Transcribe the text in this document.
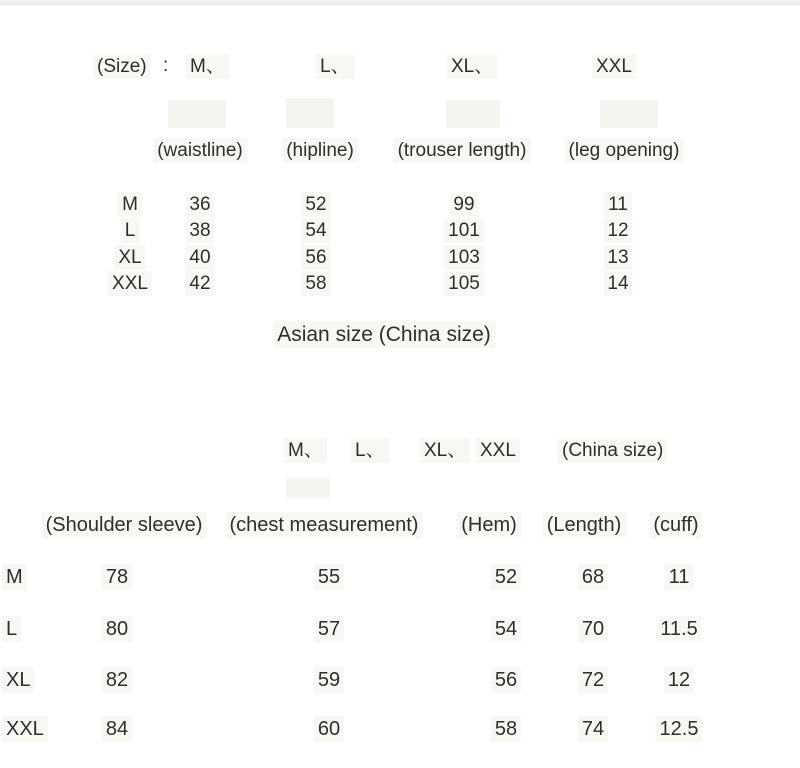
(Size) : M、	L、	XL、	XXL
(waistline) (hipline) (trouser length) (leg opening)
M	36	52	99	11
L	38	54	101	12
XL	40	56	103	13
XXL 42	58	105	14
Asian size (China size)
M、 L、 XL、 XXL (China size)
(Shoulder sleeve) (chest measurement) (Hem) (Length) (cuff)
M	78	55	52	68	11
L	80	57	54	70	11.5
XL	82	59	56	72	12
XXL	84	60	58	74	12.5
